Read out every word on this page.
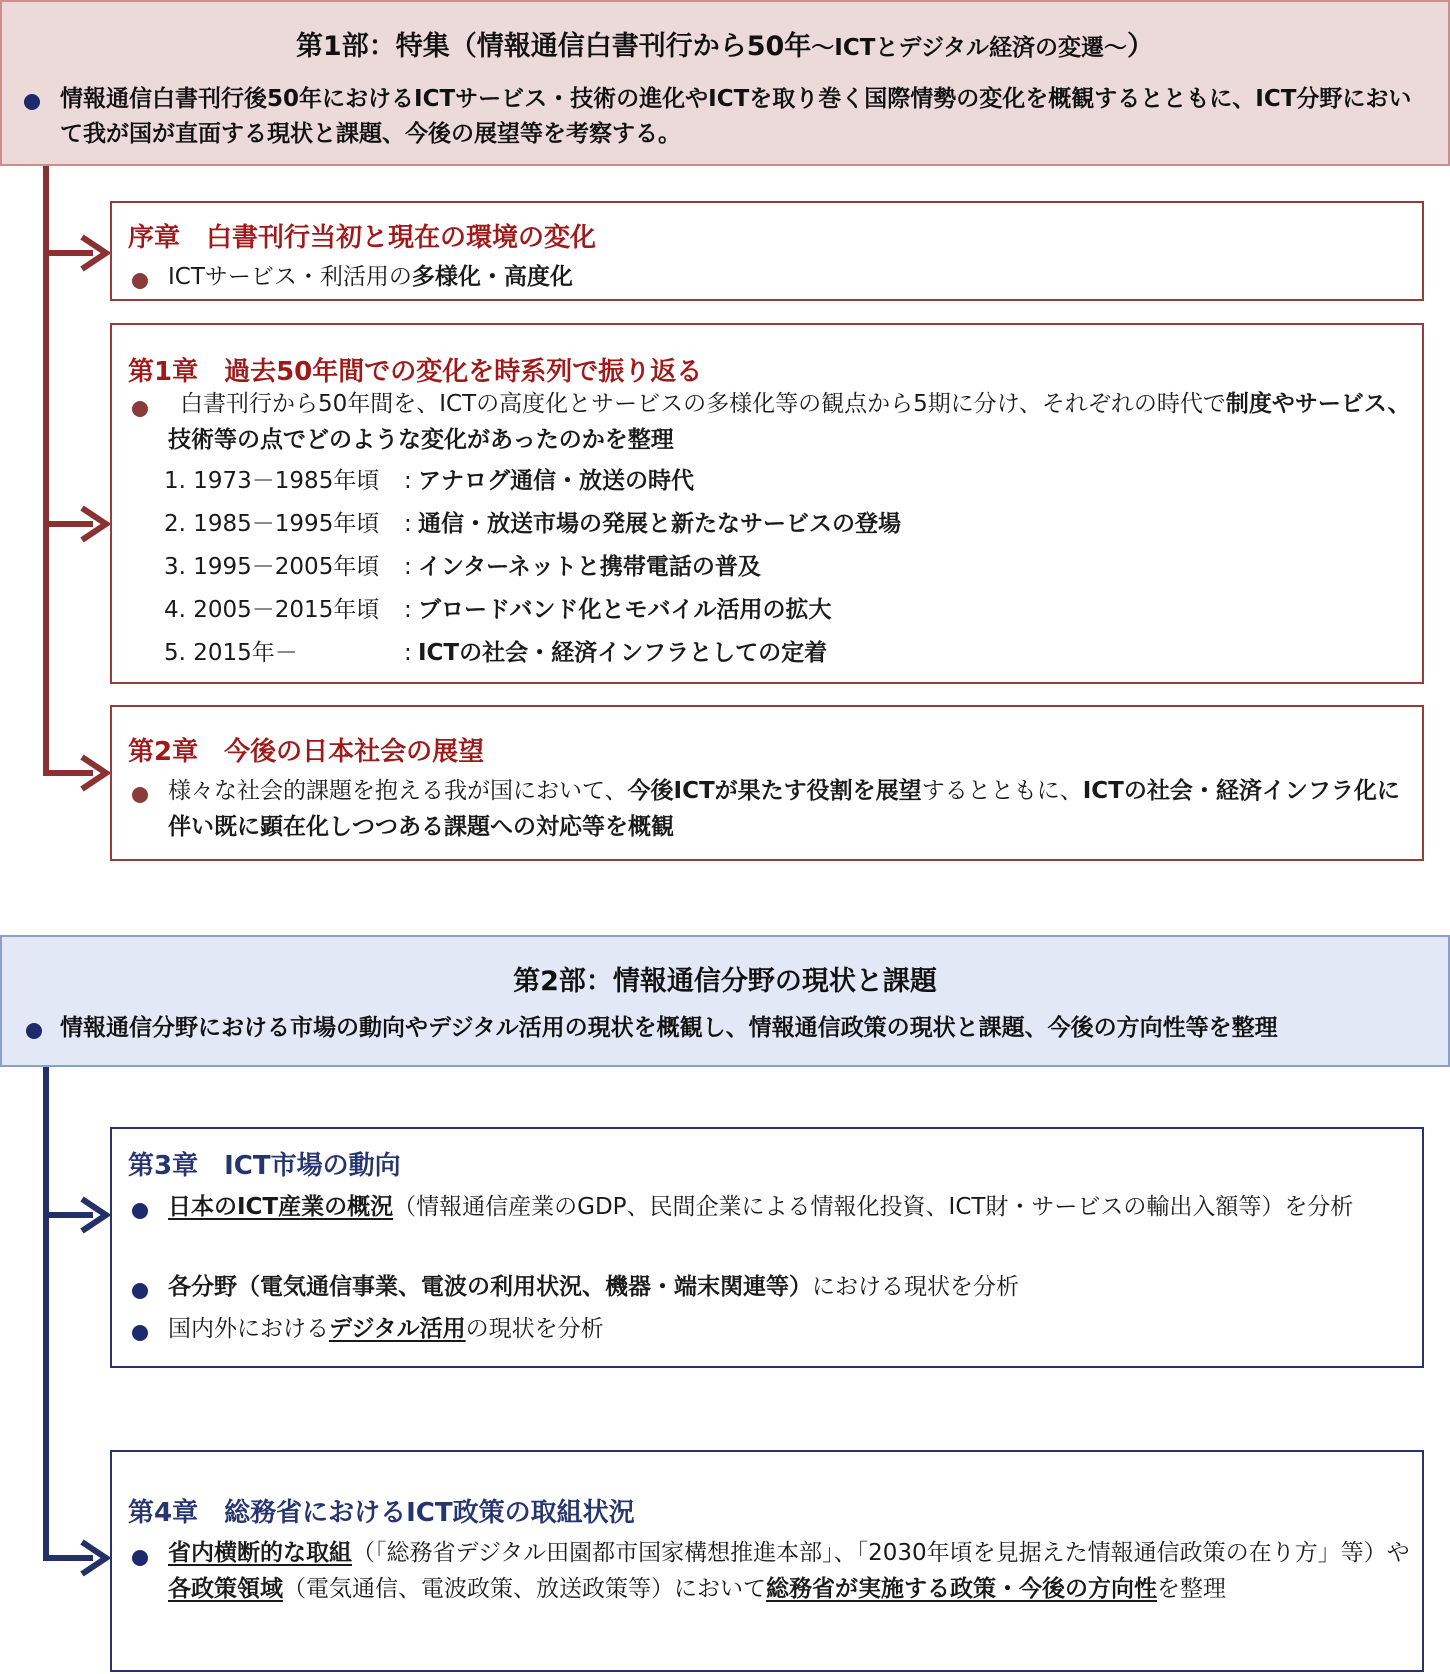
第1部：特集（情報通信白書刊行から50年～ICTとデジタル経済の変遷～）
情報通信白書刊行後50年におけるICTサービス・技術の進化やICTを取り巻く国際情勢の変化を概観するとともに、ICT分野において我が国が直面する現状と課題、今後の展望等を考察する。
序章　白書刊行当初と現在の環境の変化
ICTサービス・利活用の多様化・高度化
第1章　過去50年間での変化を時系列で振り返る
白書刊行から50年間を、ICTの高度化とサービスの多様化等の観点から5期に分け、それぞれの時代で制度やサービス、技術等の点でどのような変化があったのかを整理
1. 1973－1985年頃	: アナログ通信・放送の時代
2. 1985－1995年頃	: 通信・放送市場の発展と新たなサービスの登場
3. 1995－2005年頃	: インターネットと携帯電話の普及
4. 2005－2015年頃	: ブロードバンド化とモバイル活用の拡大
5. 2015年－	: ICTの社会・経済インフラとしての定着
第2章　今後の日本社会の展望
様々な社会的課題を抱える我が国において、今後ICTが果たす役割を展望するとともに、ICTの社会・経済インフラ化に伴い既に顕在化しつつある課題への対応等を概観
第2部：情報通信分野の現状と課題
情報通信分野における市場の動向やデジタル活用の現状を概観し、情報通信政策の現状と課題、今後の方向性等を整理
第3章　ICT市場の動向
日本のICT産業の概況（情報通信産業のGDP、民間企業による情報化投資、ICT財・サービスの輸出入額等）を分析
各分野（電気通信事業、電波の利用状況、機器・端末関連等）における現状を分析
国内外におけるデジタル活用の現状を分析
第4章　総務省におけるICT政策の取組状況
省内横断的な取組（「総務省デジタル田園都市国家構想推進本部」、「2030年頃を見据えた情報通信政策の在り方」等）や各政策領域（電気通信、電波政策、放送政策等）において総務省が実施する政策・今後の方向性を整理
